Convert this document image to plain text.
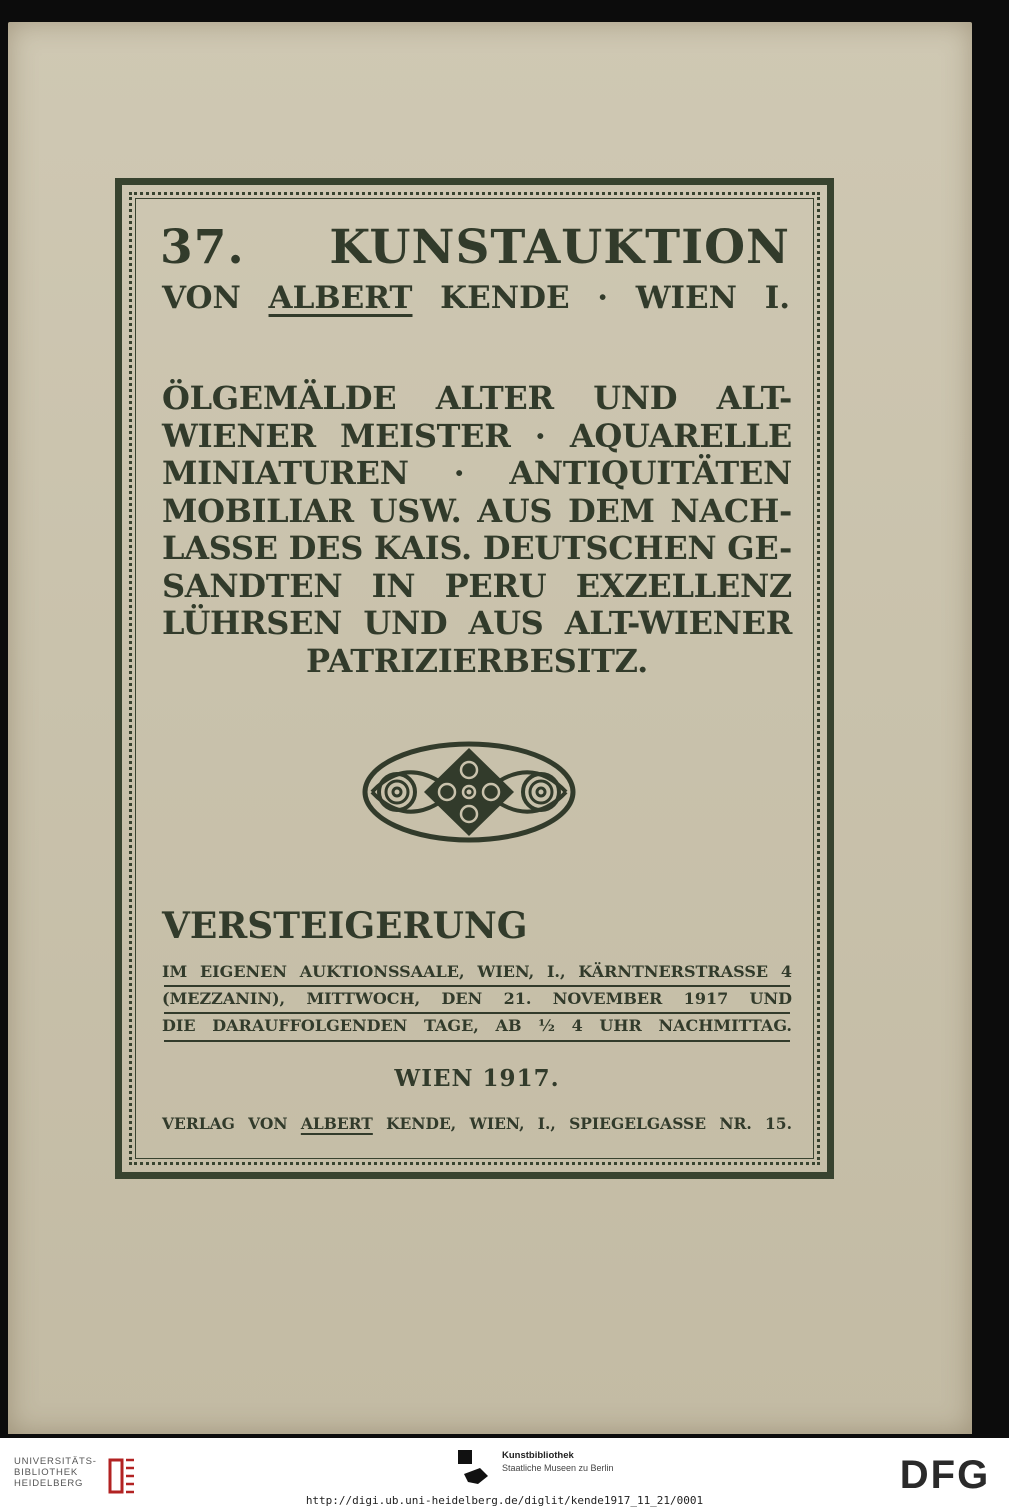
37. KUNSTAUKTION
VON ALBERT KENDE · WIEN I.
ÖLGEMÄLDE ALTER UND ALT-
WIENER MEISTER · AQUARELLE
MINIATUREN · ANTIQUITÄTEN
MOBILIAR USW. AUS DEM NACH-
LASSE DES KAIS. DEUTSCHEN GE-
SANDTEN IN PERU EXZELLENZ
LÜHRSEN UND AUS ALT-WIENER
PATRIZIERBESITZ.
VERSTEIGERUNG
IM EIGENEN AUKTIONSSAALE, WIEN, I., KÄRNTNERSTRASSE 4
(MEZZANIN), MITTWOCH, DEN 21. NOVEMBER 1917 UND
DIE DARAUFFOLGENDEN TAGE, AB ½ 4 UHR NACHMITTAG.
WIEN 1917.
VERLAG VON ALBERT KENDE, WIEN, I., SPIEGELGASSE NR. 15.
UNIVERSITÄTS-
BIBLIOTHEK
HEIDELBERG
Kunstbibliothek
Staatliche Museen zu Berlin	DFG
http://digi.ub.uni-heidelberg.de/diglit/kende1917_11_21/0001
